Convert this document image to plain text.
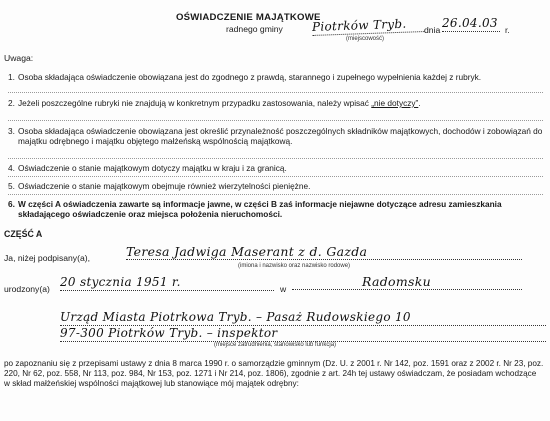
OŚWIADCZENIE MAJĄTKOWE
radnego gminy Piotrków Tryb.
(miejscowość)
dnia 26.04.03 r.
Uwaga:
1. Osoba składająca oświadczenie obowiązana jest do zgodnego z prawdą, starannego i zupełnego wypełnienia każdej z rubryk.
2. Jeżeli poszczególne rubryki nie znajdują w konkretnym przypadku zastosowania, należy wpisać „nie dotyczy”.
3. Osoba składająca oświadczenie obowiązana jest określić przynależność poszczególnych składników majątkowych, dochodów i zobowiązań do majątku odrębnego i majątku objętego małżeńską wspólnością majątkową.
4. Oświadczenie o stanie majątkowym dotyczy majątku w kraju i za granicą.
5. Oświadczenie o stanie majątkowym obejmuje również wierzytelności pieniężne.
6. W części A oświadczenia zawarte są informacje jawne, w części B zaś informacje niejawne dotyczące adresu zamieszkania składającego oświadczenie oraz miejsca położenia nieruchomości.
CZĘŚĆ A
Ja, niżej podpisany(a),	Teresa Jadwiga Maserant z d. Gazda
(imiona i nazwisko oraz nazwisko rodowe)
urodzony(a) 20 stycznia 1951 r.	w	Radomsku
Urząd Miasta Piotrkowa Tryb. – Pasaż Rudowskiego 10
97-300 Piotrków Tryb. – inspektor
(miejsce zatrudnienia, stanowisko lub funkcja)
po zapoznaniu się z przepisami ustawy z dnia 8 marca 1990 r. o samorządzie gminnym (Dz. U. z 2001 r. Nr 142, poz. 1591 oraz z 2002 r. Nr 23, poz. 220, Nr 62, poz. 558, Nr 113, poz. 984, Nr 153, poz. 1271 i Nr 214, poz. 1806), zgodnie z art. 24h tej ustawy oświadczam, że posiadam wchodzące w skład małżeńskiej wspólności majątkowej lub stanowiące mój majątek odrębny:
